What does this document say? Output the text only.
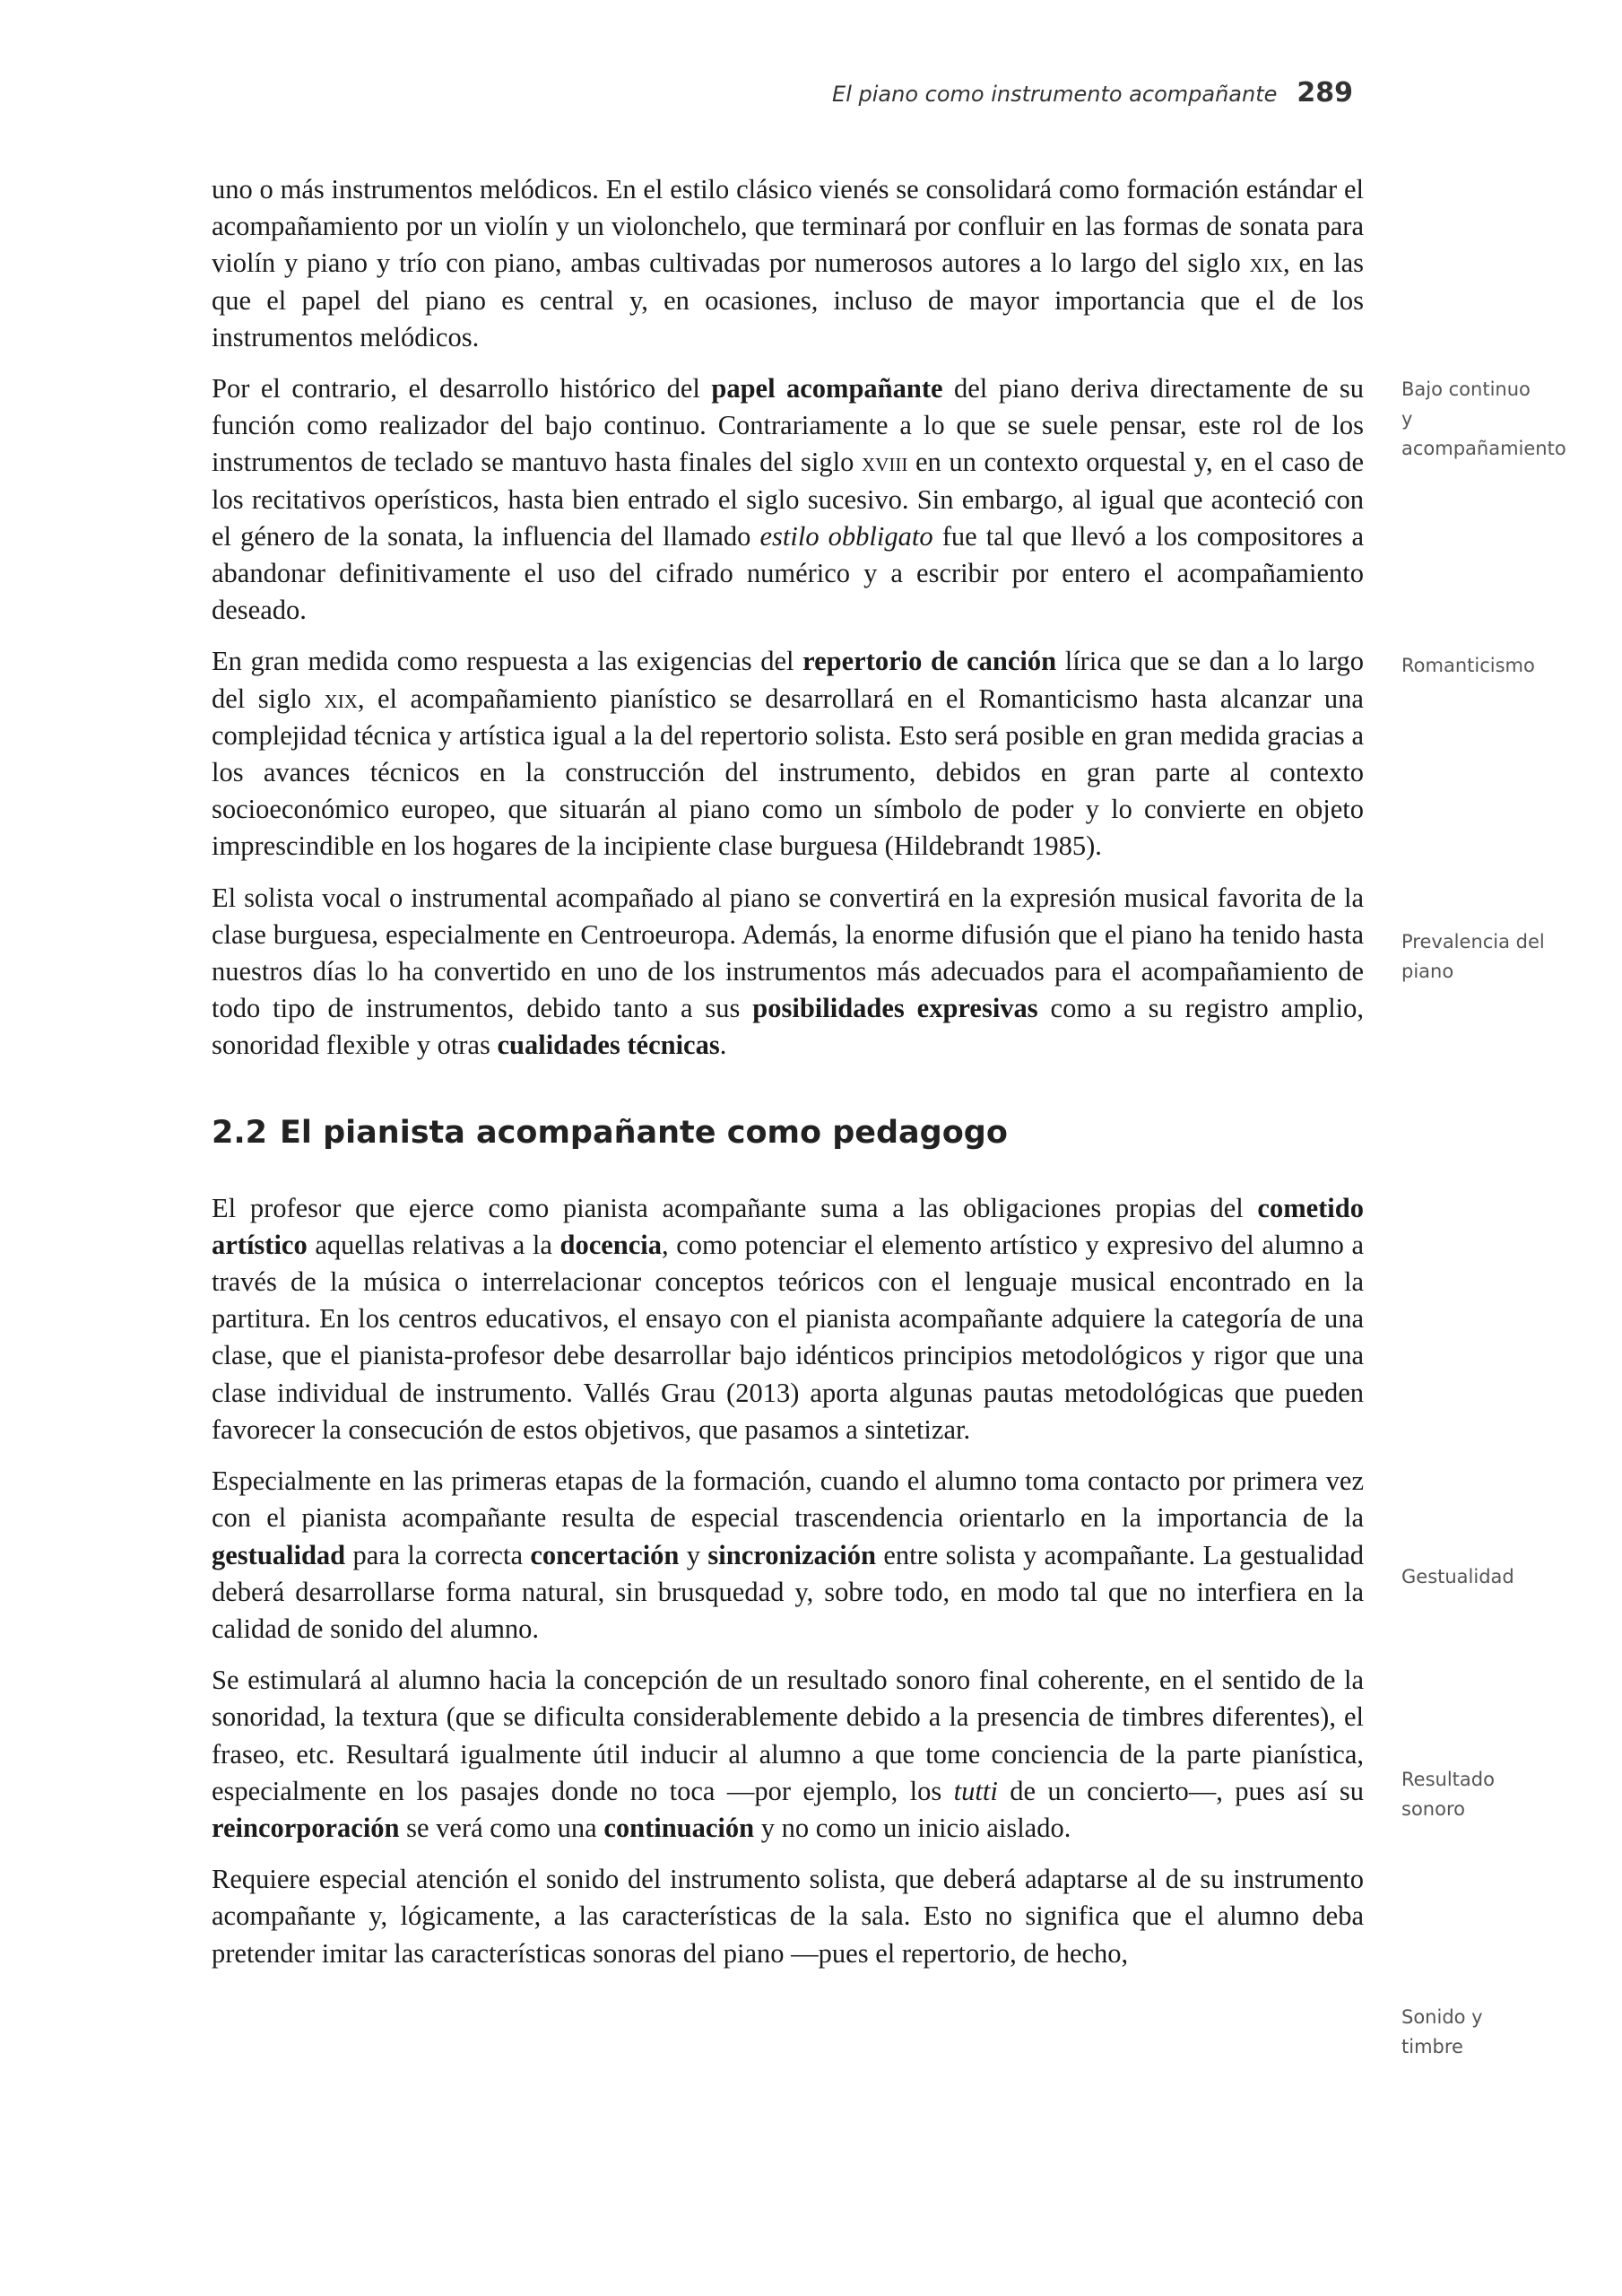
El piano como instrumento acompañante 289

uno o más instrumentos melódicos. En el estilo clásico vienés se consolidará como formación estándar el acompañamiento por un violín y un violonchelo, que terminará por confluir en las formas de sonata para violín y piano y trío con piano, ambas cultivadas por numerosos autores a lo largo del siglo xix, en las que el papel del piano es central y, en ocasiones, incluso de mayor importancia que el de los instrumentos melódicos.

Por el contrario, el desarrollo histórico del papel acompañante del piano deriva directamente de su función como realizador del bajo continuo. Contrariamente a lo que se suele pensar, este rol de los instrumentos de teclado se mantuvo hasta finales del siglo xviii en un contexto orquestal y, en el caso de los recitativos operísticos, hasta bien entrado el siglo sucesivo. Sin embargo, al igual que aconteció con el género de la sonata, la influencia del llamado estilo obbligato fue tal que llevó a los compositores a abandonar definitivamente el uso del cifrado numérico y a escribir por entero el acompañamiento deseado.

En gran medida como respuesta a las exigencias del repertorio de canción lírica que se dan a lo largo del siglo xix, el acompañamiento pianístico se desarrollará en el Romanticismo hasta alcanzar una complejidad técnica y artística igual a la del repertorio solista. Esto será posible en gran medida gracias a los avances técnicos en la construcción del instrumento, debidos en gran parte al contexto socioeconómico europeo, que situarán al piano como un símbolo de poder y lo convierte en objeto imprescindible en los hogares de la incipiente clase burguesa (Hildebrandt 1985).

El solista vocal o instrumental acompañado al piano se convertirá en la expresión musical favorita de la clase burguesa, especialmente en Centroeuropa. Además, la enorme difusión que el piano ha tenido hasta nuestros días lo ha convertido en uno de los instrumentos más adecuados para el acompañamiento de todo tipo de instrumentos, debido tanto a sus posibilidades expresivas como a su registro amplio, sonoridad flexible y otras cualidades técnicas.

2.2 El pianista acompañante como pedagogo

El profesor que ejerce como pianista acompañante suma a las obligaciones propias del cometido artístico aquellas relativas a la docencia, como potenciar el elemento artístico y expresivo del alumno a través de la música o interrelacionar conceptos teóricos con el lenguaje musical encontrado en la partitura. En los centros educativos, el ensayo con el pianista acompañante adquiere la categoría de una clase, que el pianista-profesor debe desarrollar bajo idénticos principios metodológicos y rigor que una clase individual de instrumento. Vallés Grau (2013) aporta algunas pautas metodológicas que pueden favorecer la consecución de estos objetivos, que pasamos a sintetizar.

Especialmente en las primeras etapas de la formación, cuando el alumno toma contacto por primera vez con el pianista acompañante resulta de especial trascendencia orientarlo en la importancia de la gestualidad para la correcta concertación y sincronización entre solista y acompañante. La gestualidad deberá desarrollarse forma natural, sin brusquedad y, sobre todo, en modo tal que no interfiera en la calidad de sonido del alumno.

Se estimulará al alumno hacia la concepción de un resultado sonoro final coherente, en el sentido de la sonoridad, la textura (que se dificulta considerablemente debido a la presencia de timbres diferentes), el fraseo, etc. Resultará igualmente útil inducir al alumno a que tome conciencia de la parte pianística, especialmente en los pasajes donde no toca —por ejemplo, los tutti de un concierto—, pues así su reincorporación se verá como una continuación y no como un inicio aislado.

Requiere especial atención el sonido del instrumento solista, que deberá adaptarse al de su instrumento acompañante y, lógicamente, a las características de la sala. Esto no significa que el alumno deba pretender imitar las características sonoras del piano —pues el repertorio, de hecho,

Bajo continuo y acompañamiento
Romanticismo
Prevalencia del piano
Gestualidad
Resultado sonoro
Sonido y timbre
